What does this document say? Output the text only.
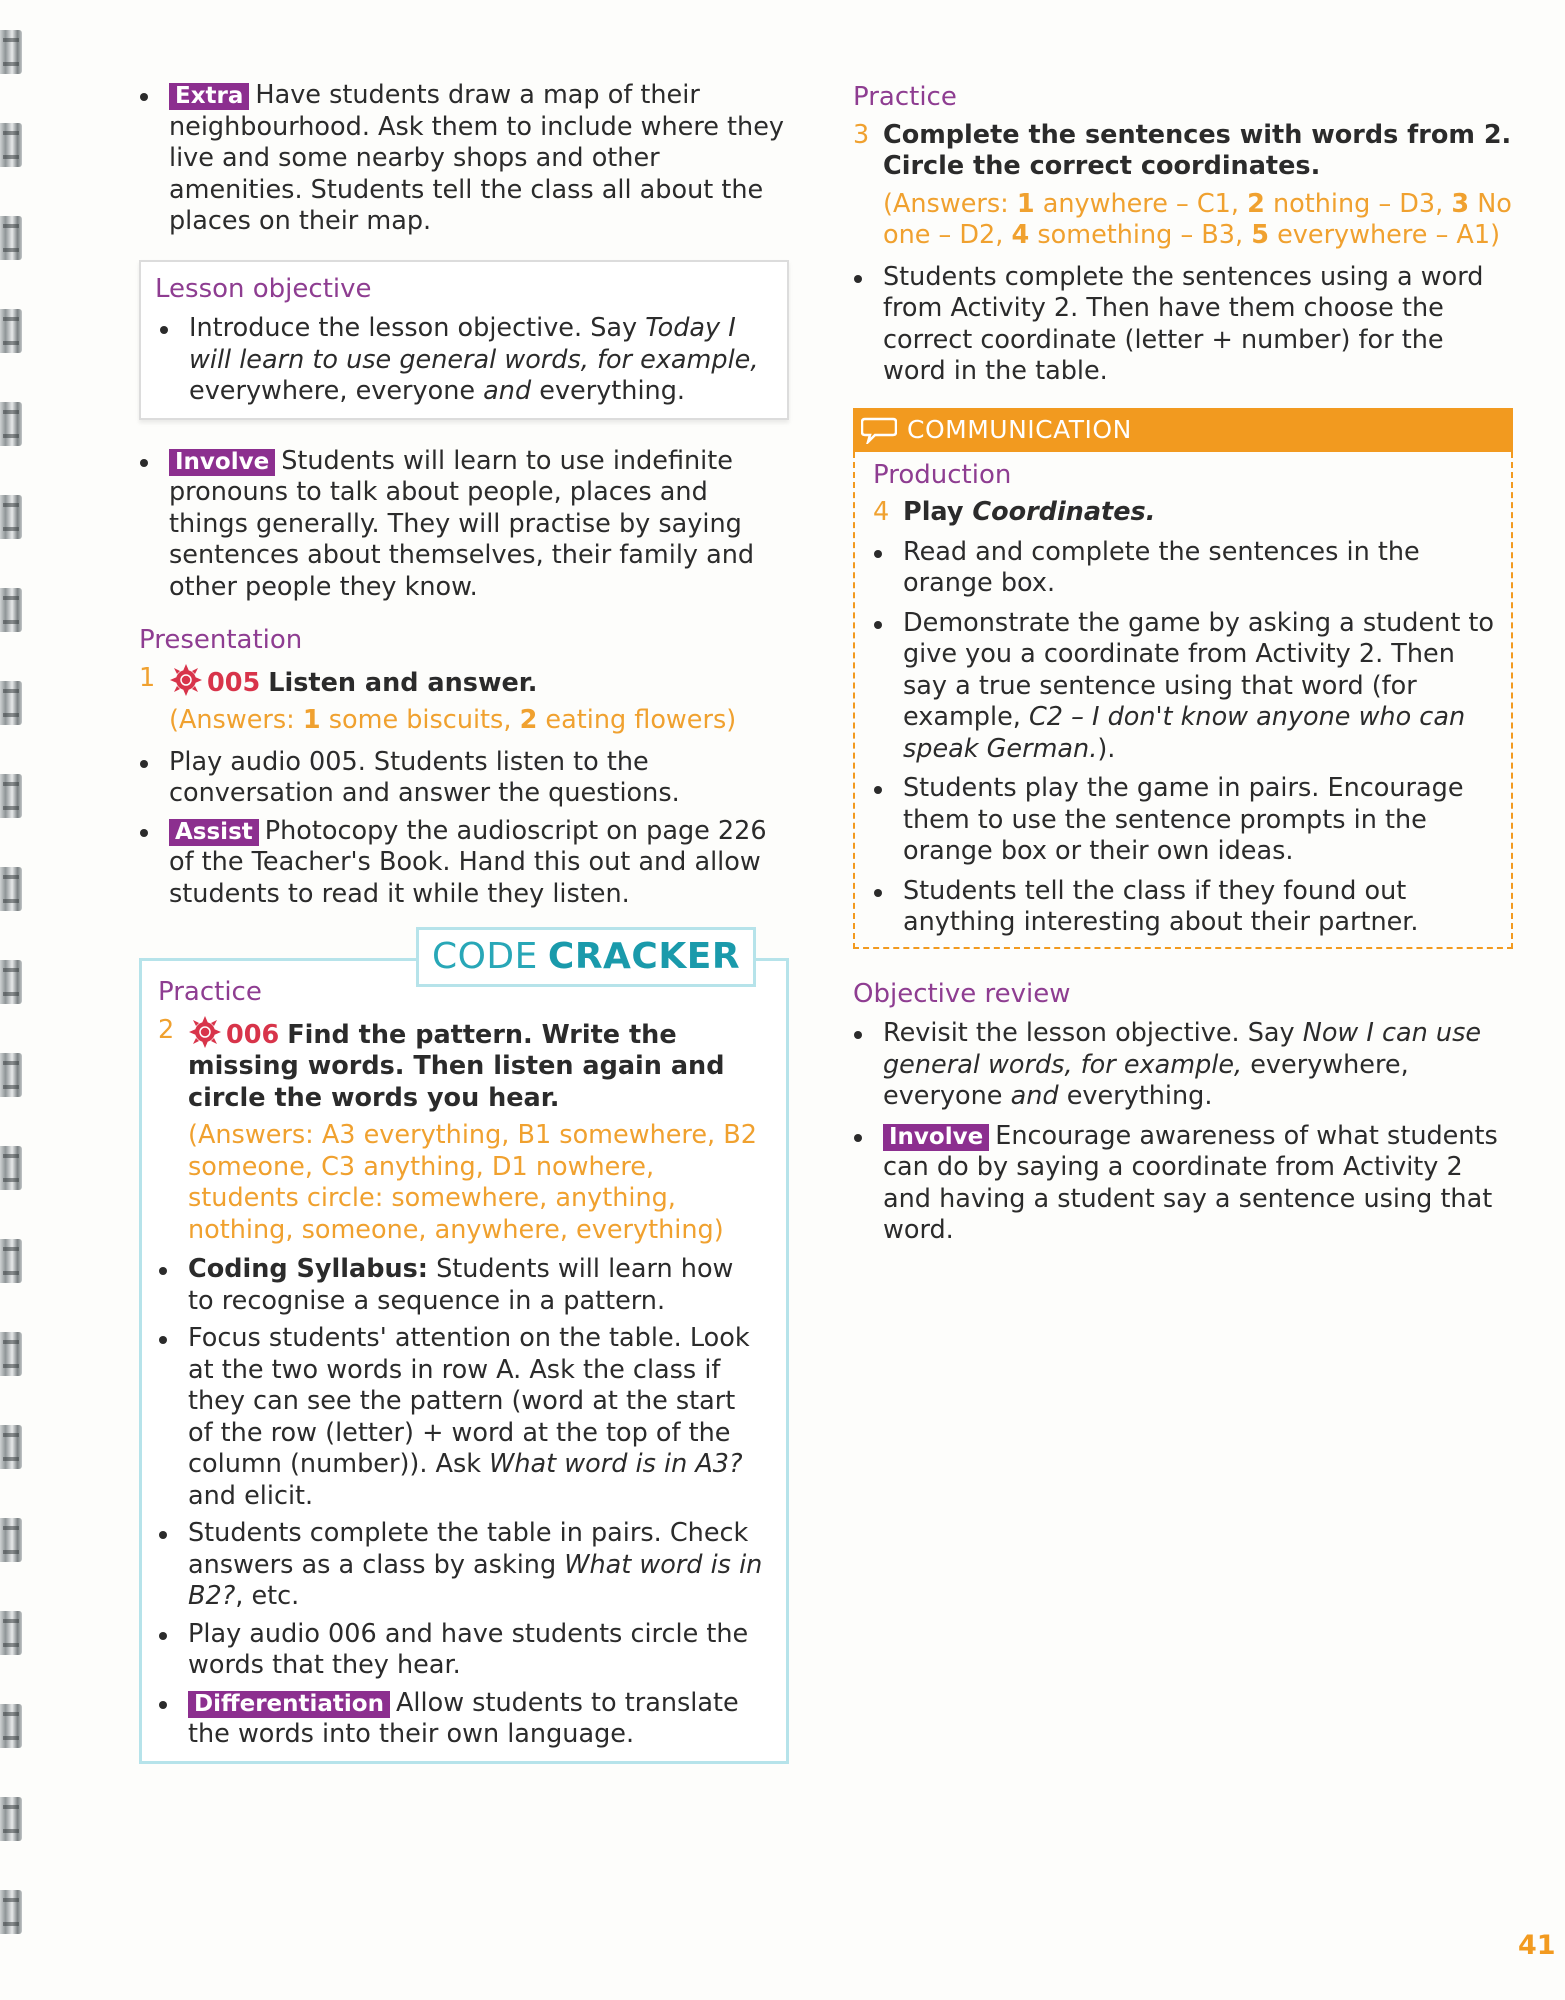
Extra Have students draw a map of their neighbourhood. Ask them to include where they live and some nearby shops and other amenities. Students tell the class all about the places on their map.
Lesson objective
Introduce the lesson objective. Say Today I will learn to use general words, for example, everywhere, everyone and everything.
Involve Students will learn to use indefinite pronouns to talk about people, places and things generally. They will practise by saying sentences about themselves, their family and other people they know.
Presentation
1	005 Listen and answer.
(Answers: 1 some biscuits, 2 eating flowers)
Play audio 005. Students listen to the conversation and answer the questions.
Assist Photocopy the audioscript on page 226 of the Teacher's Book. Hand this out and allow students to read it while they listen.
CODE CRACKER
Practice
2	006 Find the pattern. Write the missing words. Then listen again and circle the words you hear.
(Answers: A3 everything, B1 somewhere, B2 someone, C3 anything, D1 nowhere, students circle: somewhere, anything, nothing, someone, anywhere, everything)
Coding Syllabus: Students will learn how to recognise a sequence in a pattern.
Focus students' attention on the table. Look at the two words in row A. Ask the class if they can see the pattern (word at the start of the row (letter) + word at the top of the column (number)). Ask What word is in A3? and elicit.
Students complete the table in pairs. Check answers as a class by asking What word is in B2?, etc.
Play audio 006 and have students circle the words that they hear.
Differentiation Allow students to translate the words into their own language.
Practice
3 Complete the sentences with words from 2. Circle the correct coordinates.
(Answers: 1 anywhere – C1, 2 nothing – D3, 3 No one – D2, 4 something – B3, 5 everywhere – A1)
Students complete the sentences using a word from Activity 2. Then have them choose the correct coordinate (letter + number) for the word in the table.
COMMUNICATION
Production
4 Play Coordinates.
Read and complete the sentences in the orange box.
Demonstrate the game by asking a student to give you a coordinate from Activity 2. Then say a true sentence using that word (for example, C2 – I don't know anyone who can speak German.).
Students play the game in pairs. Encourage them to use the sentence prompts in the orange box or their own ideas.
Students tell the class if they found out anything interesting about their partner.
Objective review
Revisit the lesson objective. Say Now I can use general words, for example, everywhere, everyone and everything.
Involve Encourage awareness of what students can do by saying a coordinate from Activity 2 and having a student say a sentence using that word.
41
